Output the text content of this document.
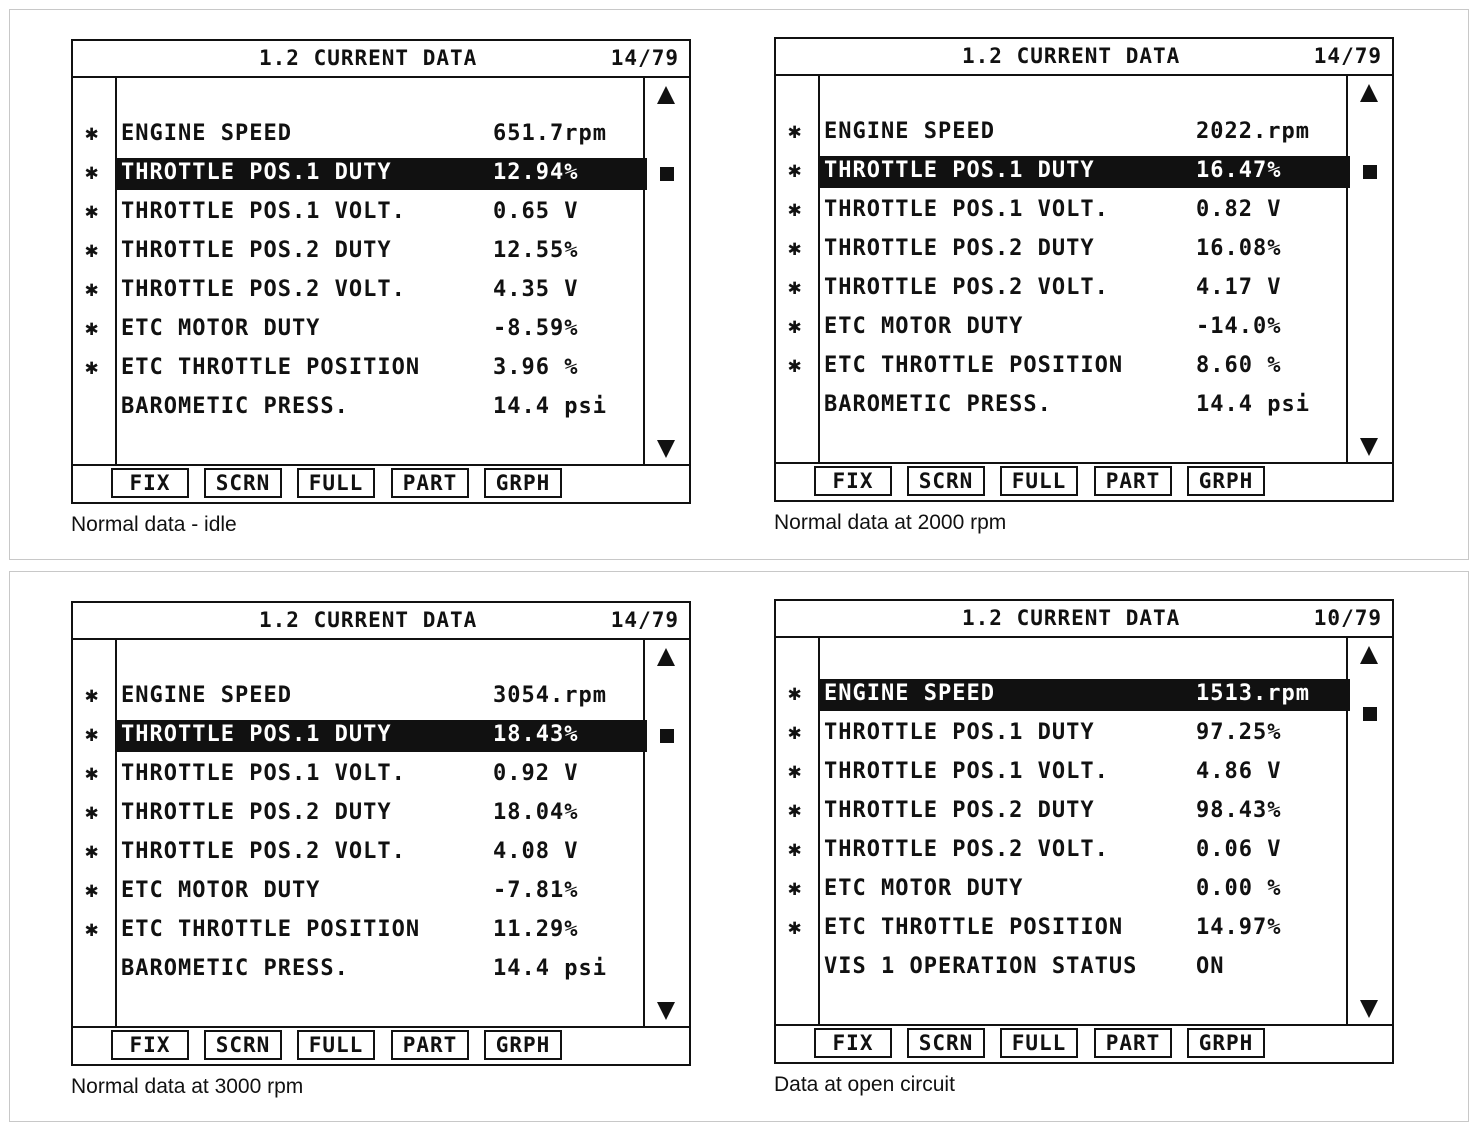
1.2 CURRENT DATA	14/79
✱ ENGINE SPEED	651.7rpm
✱ THROTTLE POS.1 DUTY	12.94%
✱ THROTTLE POS.1 VOLT.	0.65 V
✱ THROTTLE POS.2 DUTY	12.55%
✱ THROTTLE POS.2 VOLT.	4.35 V
✱ ETC MOTOR DUTY	-8.59%
✱ ETC THROTTLE POSITION	3.96 %
BAROMETIC PRESS.	14.4 psi
FIX	SCRN	FULL	PART	GRPH
Normal data - idle
1.2 CURRENT DATA	14/79
✱ ENGINE SPEED	2022.rpm
✱ THROTTLE POS.1 DUTY	16.47%
✱ THROTTLE POS.1 VOLT.	0.82 V
✱ THROTTLE POS.2 DUTY	16.08%
✱ THROTTLE POS.2 VOLT.	4.17 V
✱ ETC MOTOR DUTY	-14.0%
✱ ETC THROTTLE POSITION	8.60 %
BAROMETIC PRESS.	14.4 psi
FIX	SCRN	FULL	PART	GRPH
Normal data at 2000 rpm
1.2 CURRENT DATA	14/79
✱ ENGINE SPEED	3054.rpm
✱ THROTTLE POS.1 DUTY	18.43%
✱ THROTTLE POS.1 VOLT.	0.92 V
✱ THROTTLE POS.2 DUTY	18.04%
✱ THROTTLE POS.2 VOLT.	4.08 V
✱ ETC MOTOR DUTY	-7.81%
✱ ETC THROTTLE POSITION	11.29%
BAROMETIC PRESS.	14.4 psi
FIX	SCRN	FULL	PART	GRPH
Normal data at 3000 rpm
1.2 CURRENT DATA	10/79
✱ ENGINE SPEED	1513.rpm
✱ THROTTLE POS.1 DUTY	97.25%
✱ THROTTLE POS.1 VOLT.	4.86 V
✱ THROTTLE POS.2 DUTY	98.43%
✱ THROTTLE POS.2 VOLT.	0.06 V
✱ ETC MOTOR DUTY	0.00 %
✱ ETC THROTTLE POSITION	14.97%
VIS 1 OPERATION STATUS	ON
FIX	SCRN	FULL	PART	GRPH
Data at open circuit
